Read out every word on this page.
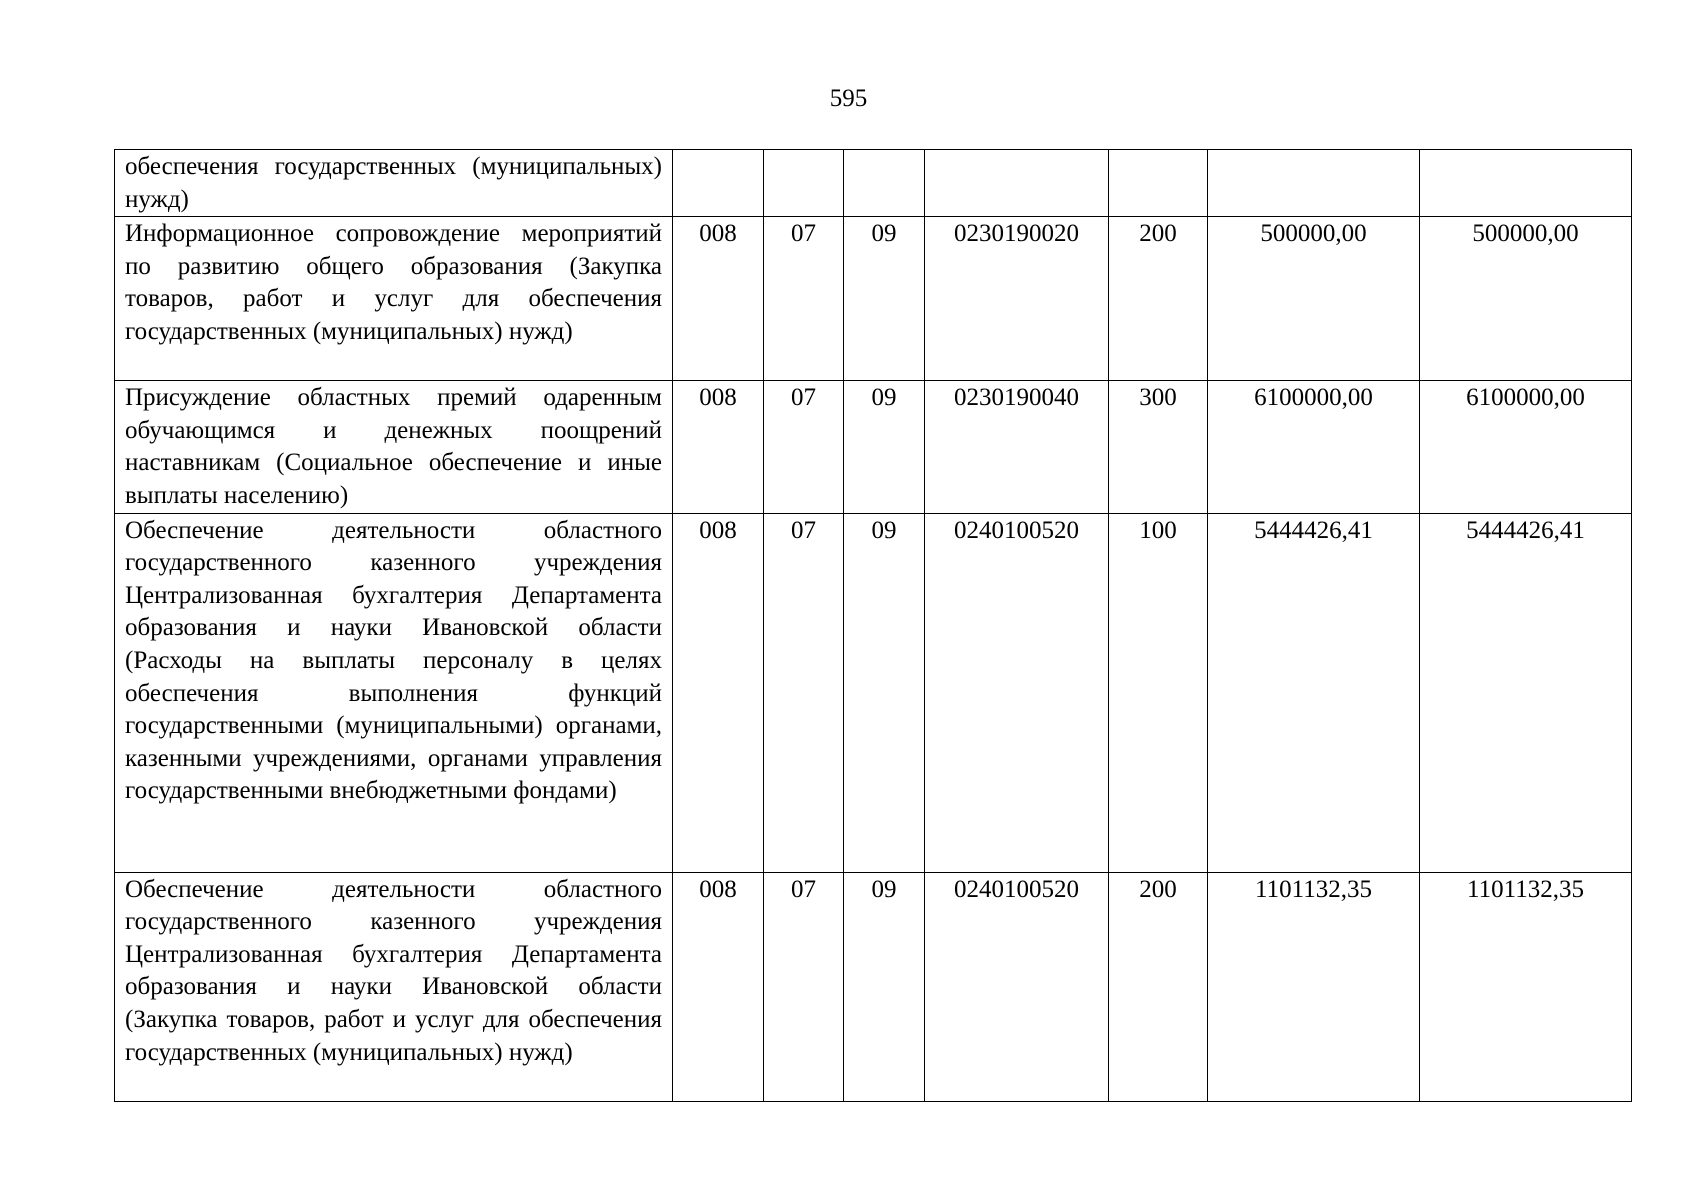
595
обеспечения государственных (муниципальных) нужд)							
Информационное сопровождение мероприятий по развитию общего образования (Закупка товаров, работ и услуг для обеспечения государственных (муниципальных) нужд)	008	07	09	0230190020	200	500000,00	500000,00
Присуждение областных премий одаренным обучающимся и денежных поощрений наставникам (Социальное обеспечение и иные выплаты населению)	008	07	09	0230190040	300	6100000,00	6100000,00
Обеспечение деятельности областного государственного казенного учреждения Централизованная бухгалтерия Департамента образования и науки Ивановской области (Расходы на выплаты персоналу в целях обеспечения выполнения функций государственными (муниципальными) органами, казенными учреждениями, органами управления государственными внебюджетными фондами)	008	07	09	0240100520	100	5444426,41	5444426,41
Обеспечение деятельности областного государственного казенного учреждения Централизованная бухгалтерия Департамента образования и науки Ивановской области (Закупка товаров, работ и услуг для обеспечения государственных (муниципальных) нужд)	008	07	09	0240100520	200	1101132,35	1101132,35
